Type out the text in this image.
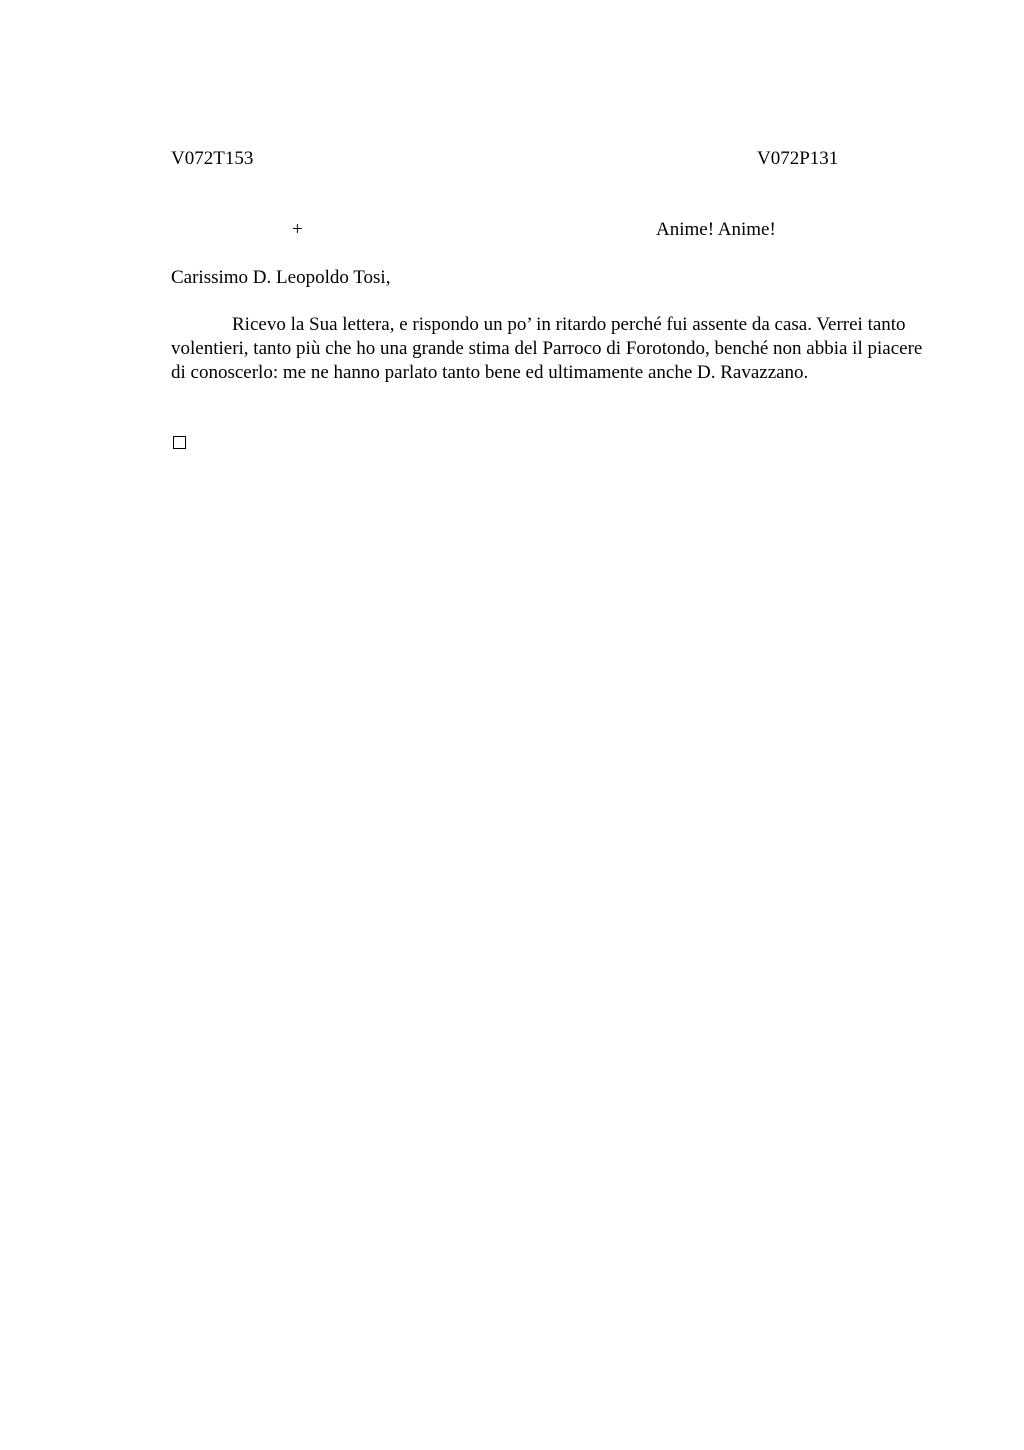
V072T153	V072P131
+	Anime! Anime!
Carissimo D. Leopoldo Tosi,

Ricevo la Sua lettera, e rispondo un po’ in ritardo perché fui assente da casa. Verrei tanto volentieri, tanto più che ho una grande stima del Parroco di Forotondo, benché non abbia il piacere di conoscerlo: me ne hanno parlato tanto bene ed ultimamente anche D. Ravazzano.
